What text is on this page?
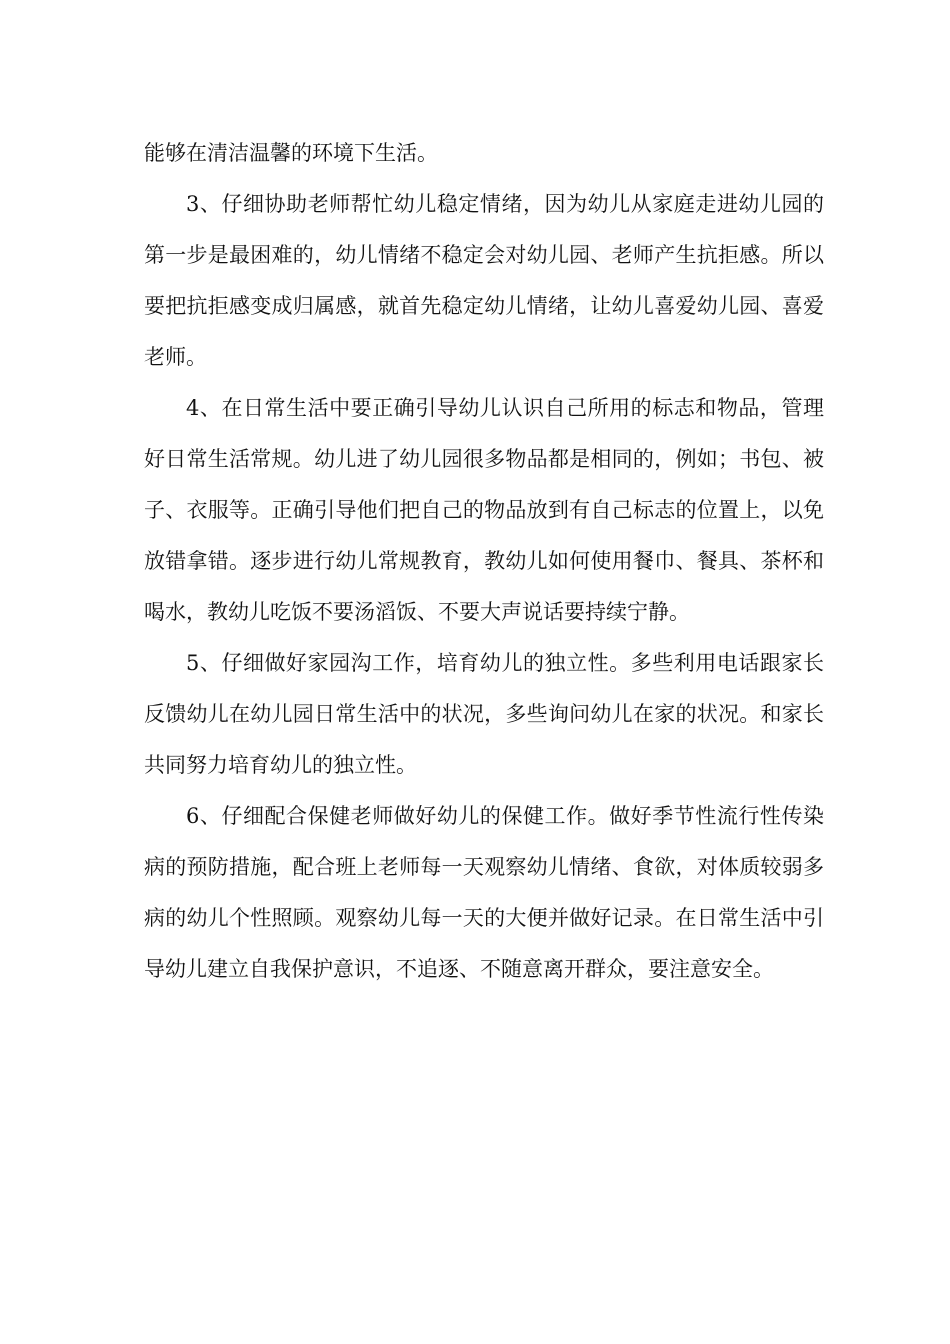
能够在清洁温馨的环境下生活。

3、仔细协助老师帮忙幼儿稳定情绪，因为幼儿从家庭走进幼儿园的第一步是最困难的，幼儿情绪不稳定会对幼儿园、老师产生抗拒感。所以要把抗拒感变成归属感，就首先稳定幼儿情绪，让幼儿喜爱幼儿园、喜爱老师。

4、在日常生活中要正确引导幼儿认识自己所用的标志和物品，管理好日常生活常规。幼儿进了幼儿园很多物品都是相同的，例如；书包、被子、衣服等。正确引导他们把自己的物品放到有自己标志的位置上，以免放错拿错。逐步进行幼儿常规教育，教幼儿如何使用餐巾、餐具、茶杯和喝水，教幼儿吃饭不要汤滔饭、不要大声说话要持续宁静。

5、仔细做好家园沟工作，培育幼儿的独立性。多些利用电话跟家长反馈幼儿在幼儿园日常生活中的状况，多些询问幼儿在家的状况。和家长共同努力培育幼儿的独立性。

6、仔细配合保健老师做好幼儿的保健工作。做好季节性流行性传染病的预防措施，配合班上老师每一天观察幼儿情绪、食欲，对体质较弱多病的幼儿个性照顾。观察幼儿每一天的大便并做好记录。在日常生活中引导幼儿建立自我保护意识，不追逐、不随意离开群众，要注意安全。
